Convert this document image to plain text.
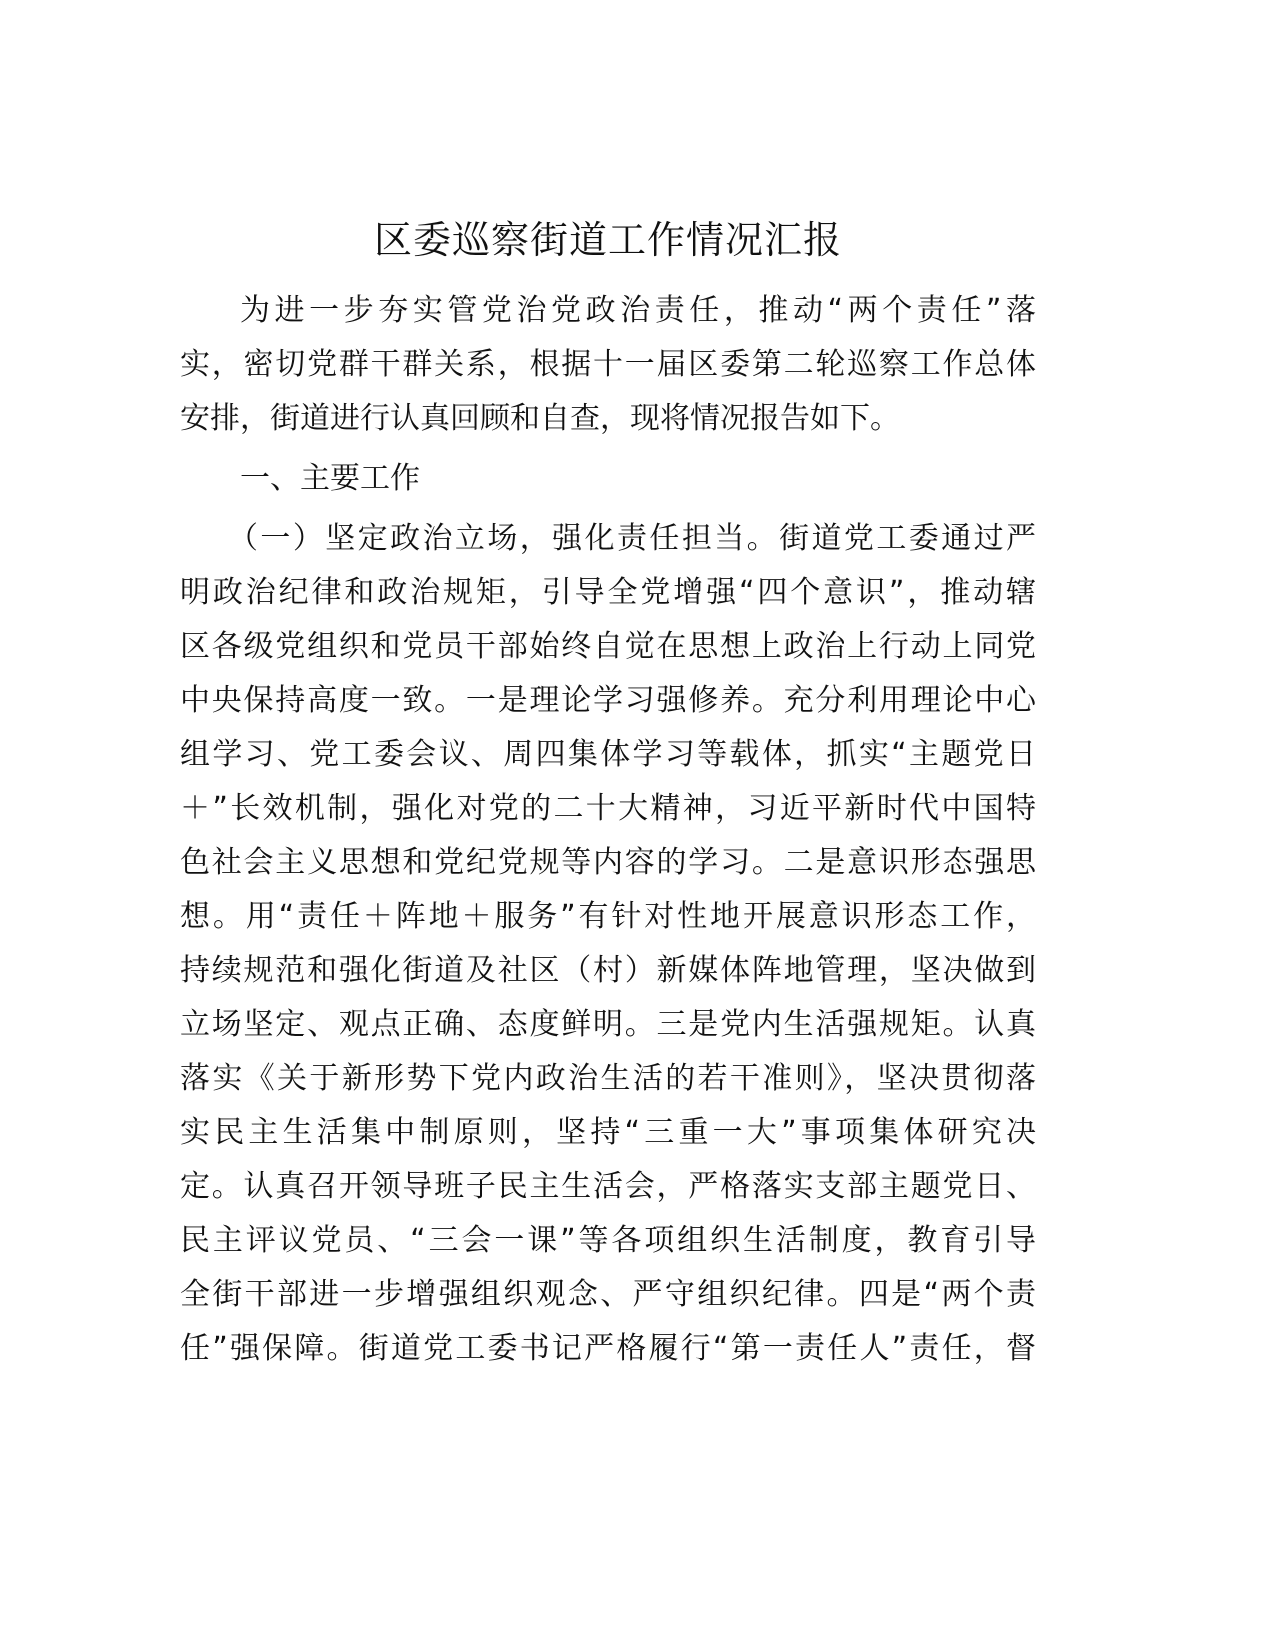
区委巡察街道工作情况汇报
为进一步夯实管党治党政治责任，推动“两个责任”落
实，密切党群干群关系，根据十一届区委第二轮巡察工作总体
安排，街道进行认真回顾和自查，现将情况报告如下。
一、主要工作
（一）坚定政治立场，强化责任担当。街道党工委通过严
明政治纪律和政治规矩，引导全党增强“四个意识”，推动辖
区各级党组织和党员干部始终自觉在思想上政治上行动上同党
中央保持高度一致。一是理论学习强修养。充分利用理论中心
组学习、党工委会议、周四集体学习等载体，抓实“主题党日
＋”长效机制，强化对党的二十大精神，习近平新时代中国特
色社会主义思想和党纪党规等内容的学习。二是意识形态强思
想。用“责任＋阵地＋服务”有针对性地开展意识形态工作，
持续规范和强化街道及社区（村）新媒体阵地管理，坚决做到
立场坚定、观点正确、态度鲜明。三是党内生活强规矩。认真
落实《关于新形势下党内政治生活的若干准则》，坚决贯彻落
实民主生活集中制原则，坚持“三重一大”事项集体研究决
定。认真召开领导班子民主生活会，严格落实支部主题党日、
民主评议党员、“三会一课”等各项组织生活制度，教育引导
全街干部进一步增强组织观念、严守组织纪律。四是“两个责
任”强保障。街道党工委书记严格履行“第一责任人”责任，督
